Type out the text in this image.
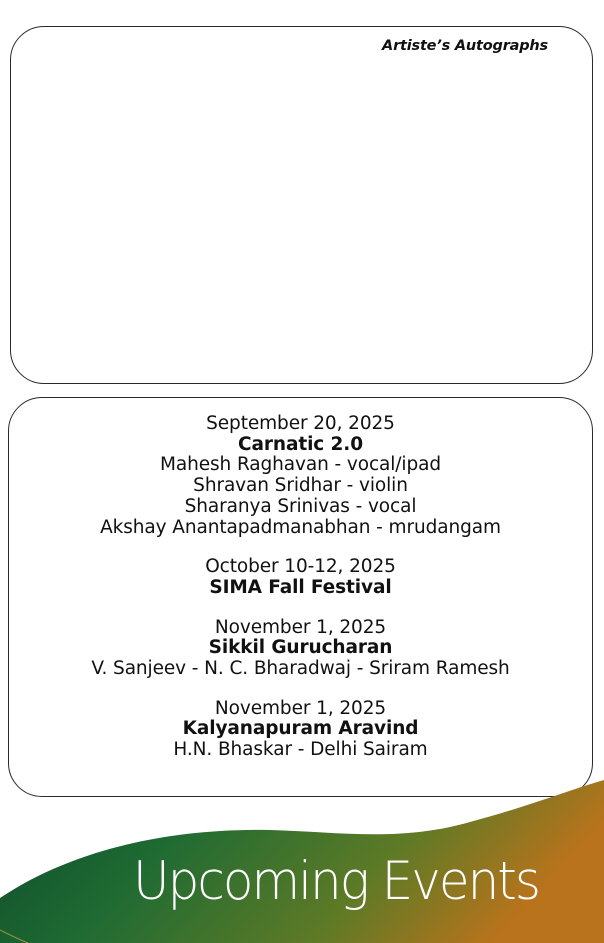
Artiste’s Autographs
September 20, 2025
Carnatic 2.0
Mahesh Raghavan - vocal/ipad
Shravan Sridhar - violin
Sharanya Srinivas - vocal
Akshay Anantapadmanabhan - mrudangam
October 10-12, 2025
SIMA Fall Festival
November 1, 2025
Sikkil Gurucharan
V. Sanjeev - N. C. Bharadwaj - Sriram Ramesh
November 1, 2025
Kalyanapuram Aravind
H.N. Bhaskar - Delhi Sairam
Upcoming Events
